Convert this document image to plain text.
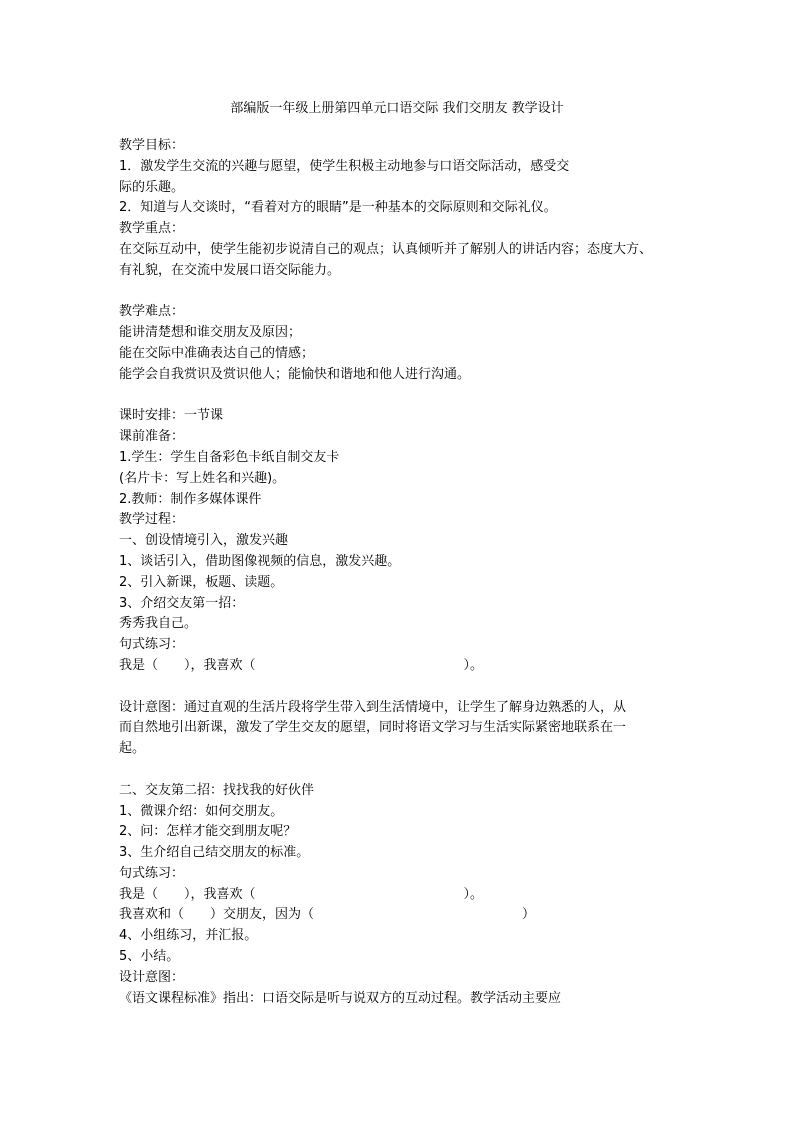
部编版一年级上册第四单元口语交际 我们交朋友 教学设计
教学目标：
1．激发学生交流的兴趣与愿望，使学生积极主动地参与口语交际活动，感受交
际的乐趣。
2．知道与人交谈时，“看着对方的眼睛”是一种基本的交际原则和交际礼仪。
教学重点：
在交际互动中，使学生能初步说清自己的观点；认真倾听并了解别人的讲话内容；态度大方、
有礼貌，在交流中发展口语交际能力。
教学难点：
能讲清楚想和谁交朋友及原因；
能在交际中准确表达自己的情感；
能学会自我赏识及赏识他人；能愉快和谐地和他人进行沟通。
课时安排：一节课
课前准备：
1.学生：学生自备彩色卡纸自制交友卡
(名片卡：写上姓名和兴趣)。
2.教师：制作多媒体课件
教学过程：
一、创设情境引入，激发兴趣
1、谈话引入，借助图像视频的信息，激发兴趣。
2、引入新课，板题、读题。
3、介绍交友第一招：
秀秀我自己。
句式练习：
我是（　　），我喜欢（　　　　　　　　　　　　　　　　）。
设计意图：通过直观的生活片段将学生带入到生活情境中，让学生了解身边熟悉的人，从
而自然地引出新课，激发了学生交友的愿望，同时将语文学习与生活实际紧密地联系在一
起。
二、交友第二招：找找我的好伙伴
1、微课介绍：如何交朋友。
2、问：怎样才能交到朋友呢？
3、生介绍自己结交朋友的标准。
句式练习：
我是（　　），我喜欢（　　　　　　　　　　　　　　　　）。
我喜欢和（　　）交朋友，因为（　　　　　　　　　　　　　　　　）
4、小组练习，并汇报。
5、小结。
设计意图：
《语文课程标准》指出：口语交际是听与说双方的互动过程。教学活动主要应
